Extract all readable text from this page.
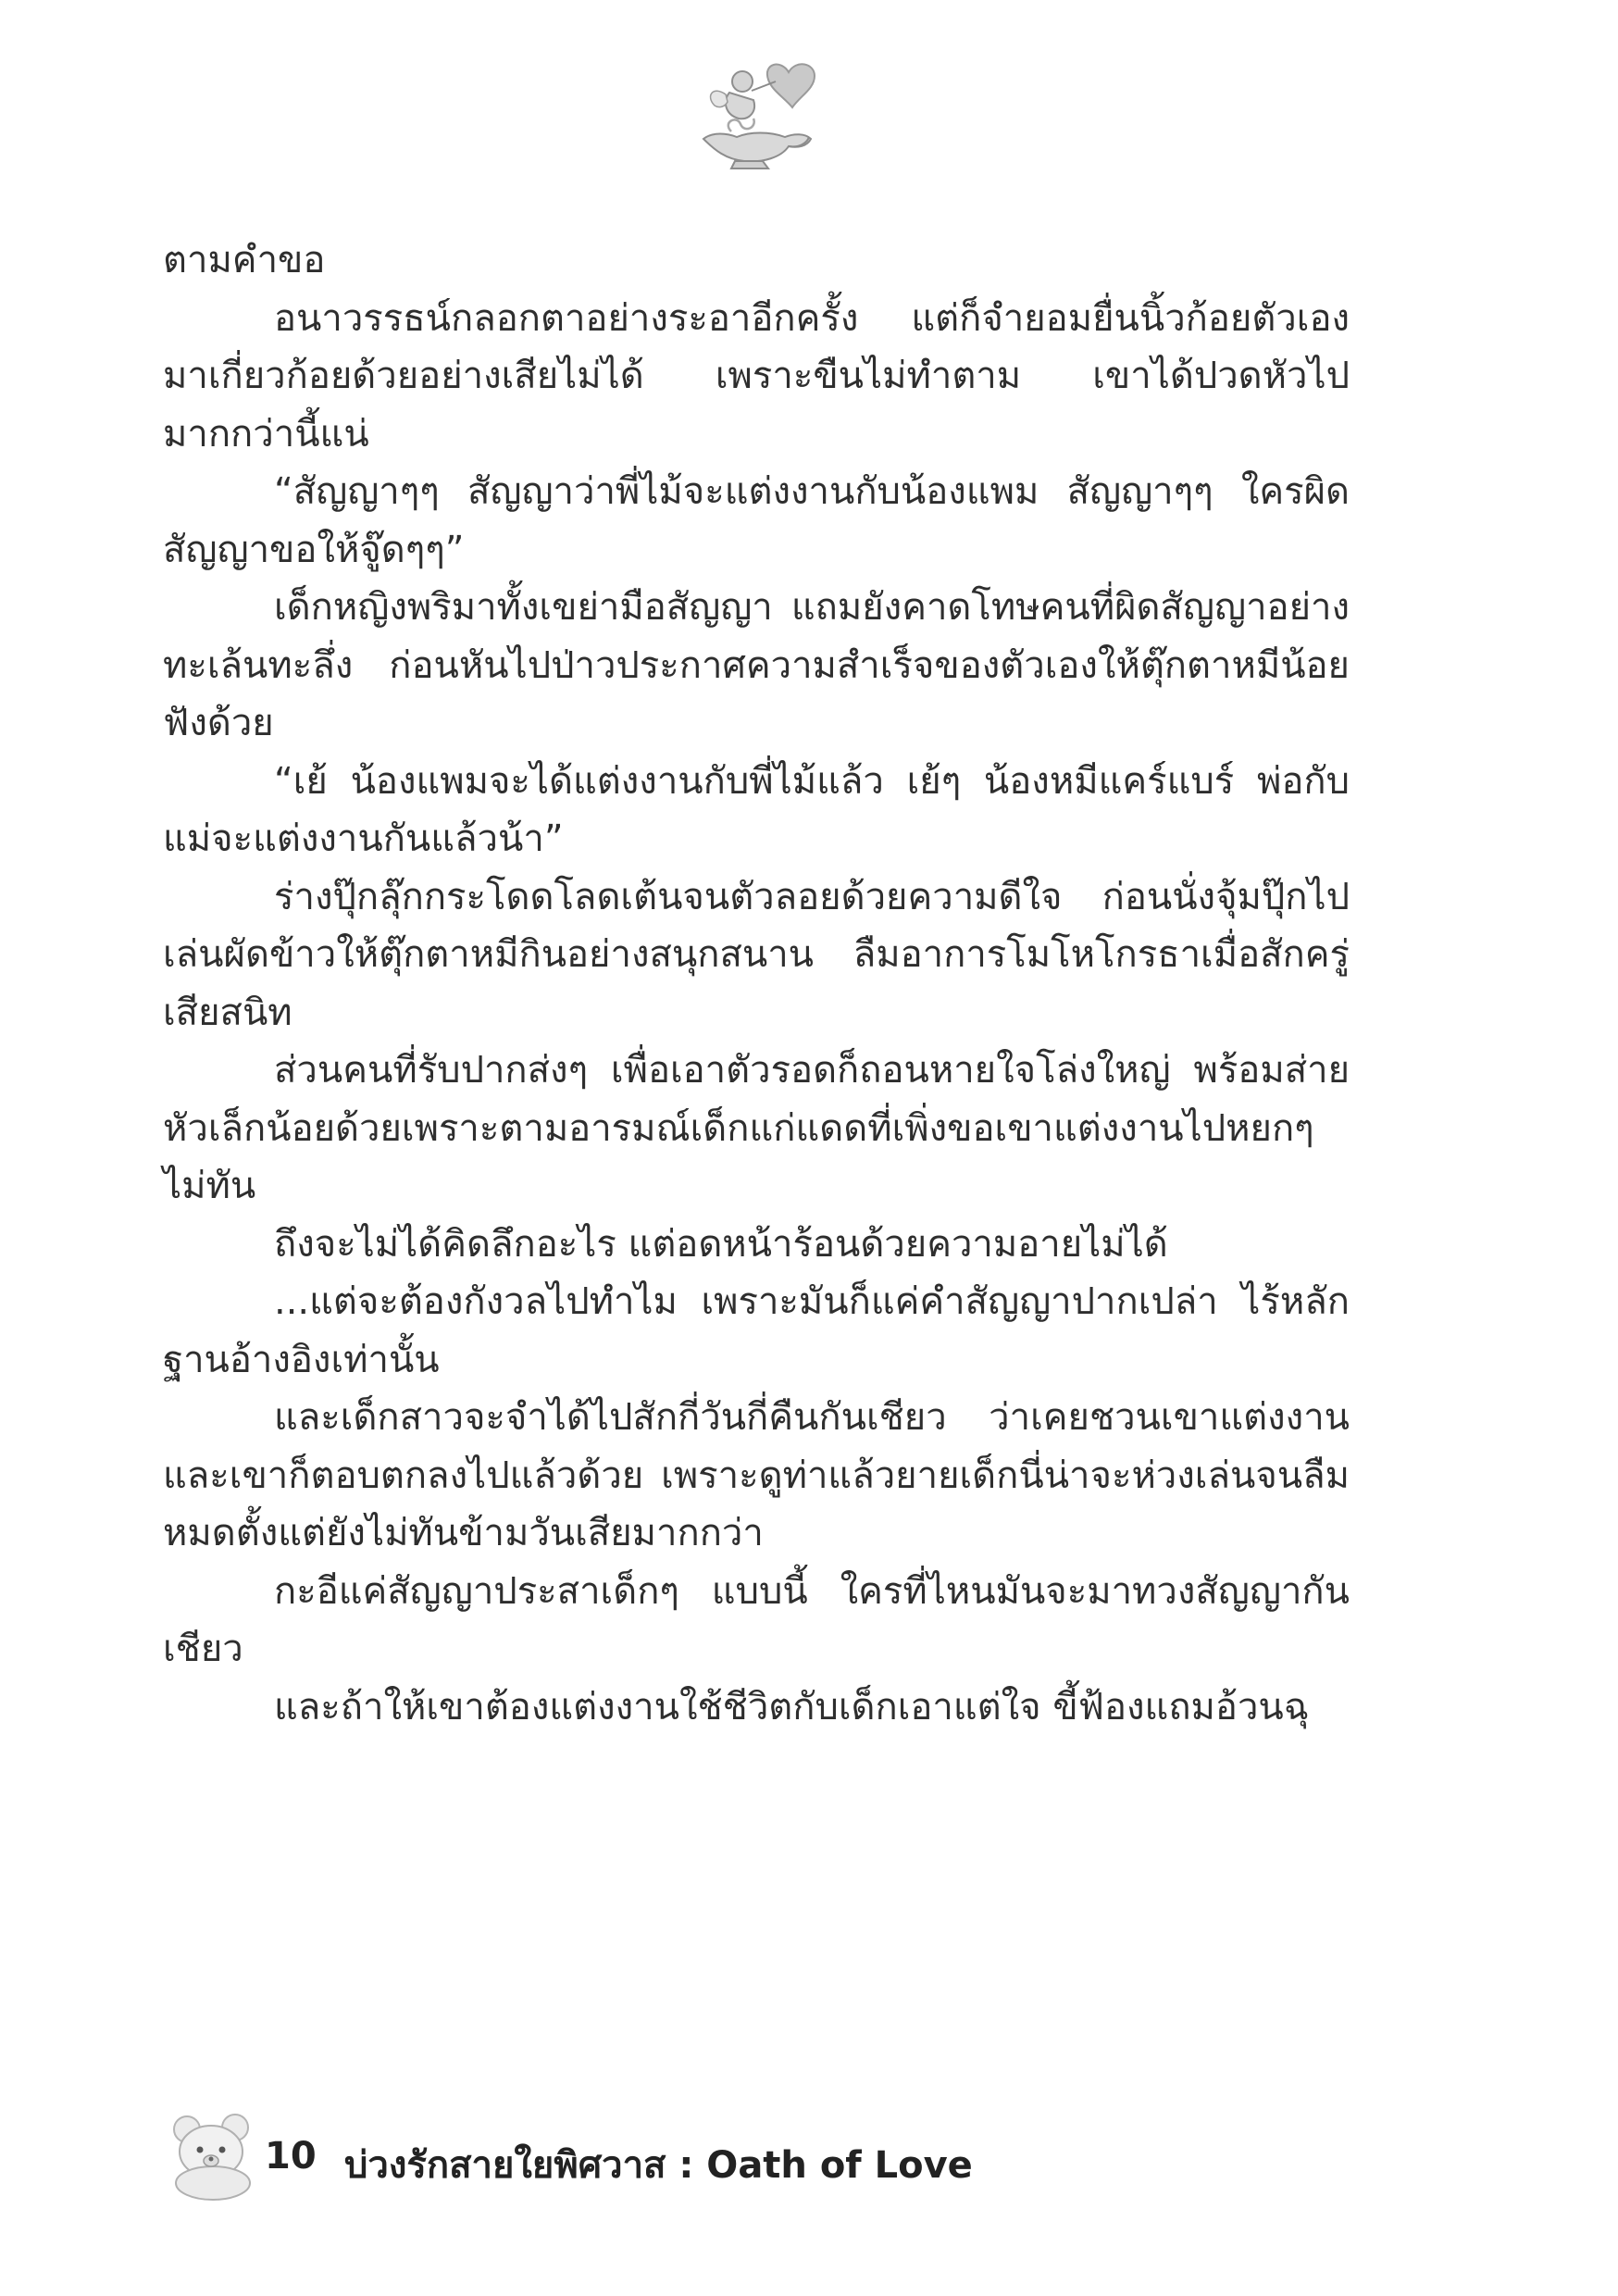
ตามคำขอ

อนาวรรธน์กลอกตาอย่างระอาอีกครั้ง แต่ก็จำยอมยื่นนิ้วก้อยตัวเองมาเกี่ยวก้อยด้วยอย่างเสียไม่ได้ เพราะขืนไม่ทำตาม เขาได้ปวดหัวไปมากกว่านี้แน่

“สัญญาๆๆ สัญญาว่าพี่ไม้จะแต่งงานกับน้องแพม สัญญาๆๆ ใครผิดสัญญาขอให้จู๊ดๆๆ”

เด็กหญิงพริมาทั้งเขย่ามือสัญญา แถมยังคาดโทษคนที่ผิดสัญญาอย่างทะเล้นทะลึ่ง ก่อนหันไปป่าวประกาศความสำเร็จของตัวเองให้ตุ๊กตาหมีน้อยฟังด้วย

“เย้ น้องแพมจะได้แต่งงานกับพี่ไม้แล้ว เย้ๆ น้องหมีแคร์แบร์ พ่อกับแม่จะแต่งงานกันแล้วน้า”

ร่างปุ๊กลุ๊กกระโดดโลดเต้นจนตัวลอยด้วยความดีใจ ก่อนนั่งจุ้มปุ๊กไปเล่นผัดข้าวให้ตุ๊กตาหมีกินอย่างสนุกสนาน ลืมอาการโมโหโกรธาเมื่อสักครู่เสียสนิท

ส่วนคนที่รับปากส่งๆ เพื่อเอาตัวรอดก็ถอนหายใจโล่งใหญ่ พร้อมส่ายหัวเล็กน้อยด้วยเพราะตามอารมณ์เด็กแก่แดดที่เพิ่งขอเขาแต่งงานไปหยกๆ ไม่ทัน

ถึงจะไม่ได้คิดลึกอะไร แต่อดหน้าร้อนด้วยความอายไม่ได้

...แต่จะต้องกังวลไปทำไม เพราะมันก็แค่คำสัญญาปากเปล่า ไร้หลักฐานอ้างอิงเท่านั้น

และเด็กสาวจะจำได้ไปสักกี่วันกี่คืนกันเชียว ว่าเคยชวนเขาแต่งงานและเขาก็ตอบตกลงไปแล้วด้วย เพราะดูท่าแล้วยายเด็กนี่น่าจะห่วงเล่นจนลืมหมดตั้งแต่ยังไม่ทันข้ามวันเสียมากกว่า

กะอีแค่สัญญาประสาเด็กๆ แบบนี้ ใครที่ไหนมันจะมาทวงสัญญากันเชียว

และถ้าให้เขาต้องแต่งงานใช้ชีวิตกับเด็กเอาแต่ใจ ขี้ฟ้องแถมอ้วนฉุ

10 บ่วงรักสายใยพิศวาส : Oath of Love
